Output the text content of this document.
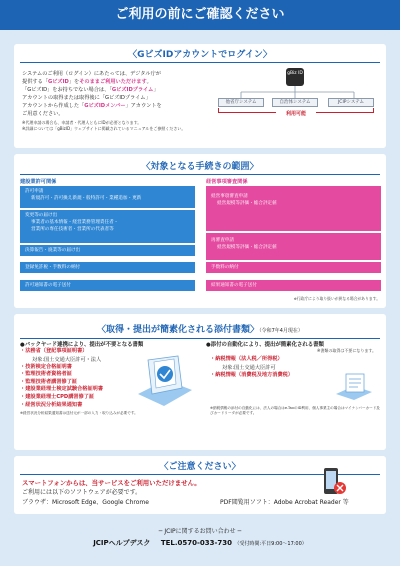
ご利用の前にご確認ください
〈GビズIDアカウントでログイン〉
システムのご利用（ログイン）にあたっては、デジタル庁が
提供する「GビズID」をそのままご利用いただけます。
「GビズID」をお持ちでない場合は、「GビズIDプライム」
アカウントの取得または取得後に「GビズIDプライム」
アカウントから作成した「GビズIDメンバー」アカウントを
ご用意ください。
※代理申請の場合も、申請者・代理人ともにIDが必要となります。
※詳細については「gBizID」ウェブサイトに掲載されているマニュアルをご参照ください。
gBiz ID
他省庁システム	自治体システム	JCIPシステム
利用可能
〈対象となる手続きの範囲〉
建設業許可関係	経営事項審査関係
許可申請
新規許可・許可換え新規・般特許可・業種追加・更新
変更等の届け出
事業者の基本情報・経営業務管理責任者・
営業所の専任技術者・営業所の代表者等
決算報告・廃業等の届け出
登録免許税・手数料の納付
許可通知書の電子送付
経営事項審査申請
経営規模等評価・総合評定値
再審査申請
経営規模等評価・総合評定値
手数料の納付
結果通知書の電子送付
※行政庁により取り扱いが異なる場合があります。
〈取得・提出が簡素化される添付書類〉（令和7年4月現在）
●バックヤード連携により、提出が不要となる書類
・法務省（登記事項証明書）
対象:国土交通大臣許可・法人
・技術検定合格証明書
・監理技術者資格者証
・監理技術者講習修了証
・建設業経理士検定試験合格証明書
・建設業経理士CPD講習修了証
・経営状況分析結果通知書
※経営状況分析結果通知書は送付元が一部の入力・取り込みが必要です。
●添付の自動化により、提出が簡素化される書類
※書類の取得は不要になります。
・納税情報（法人税／所得税）
対象:国土交通大臣許可
・納税情報（消費税及地方消費税）
※納税情報の添付の自動化には、法人の場合はe-TaxのID利用、個人事業主の場合はマイナンバーカード及びカードリーダが必要です。
〈ご注意ください〉
スマートフォンからは、当サービスをご利用いただけません。
ご利用には以下のソフトウェアが必要です。
ブラウザ：Microsoft Edge、Google Chrome	PDF閲覧用ソフト：Adobe Acrobat Reader 等
─ JCIPに関するお問い合わせ ─
JCIPヘルプデスク TEL.0570-033-730 （受付時間:平日9:00～17:00）
